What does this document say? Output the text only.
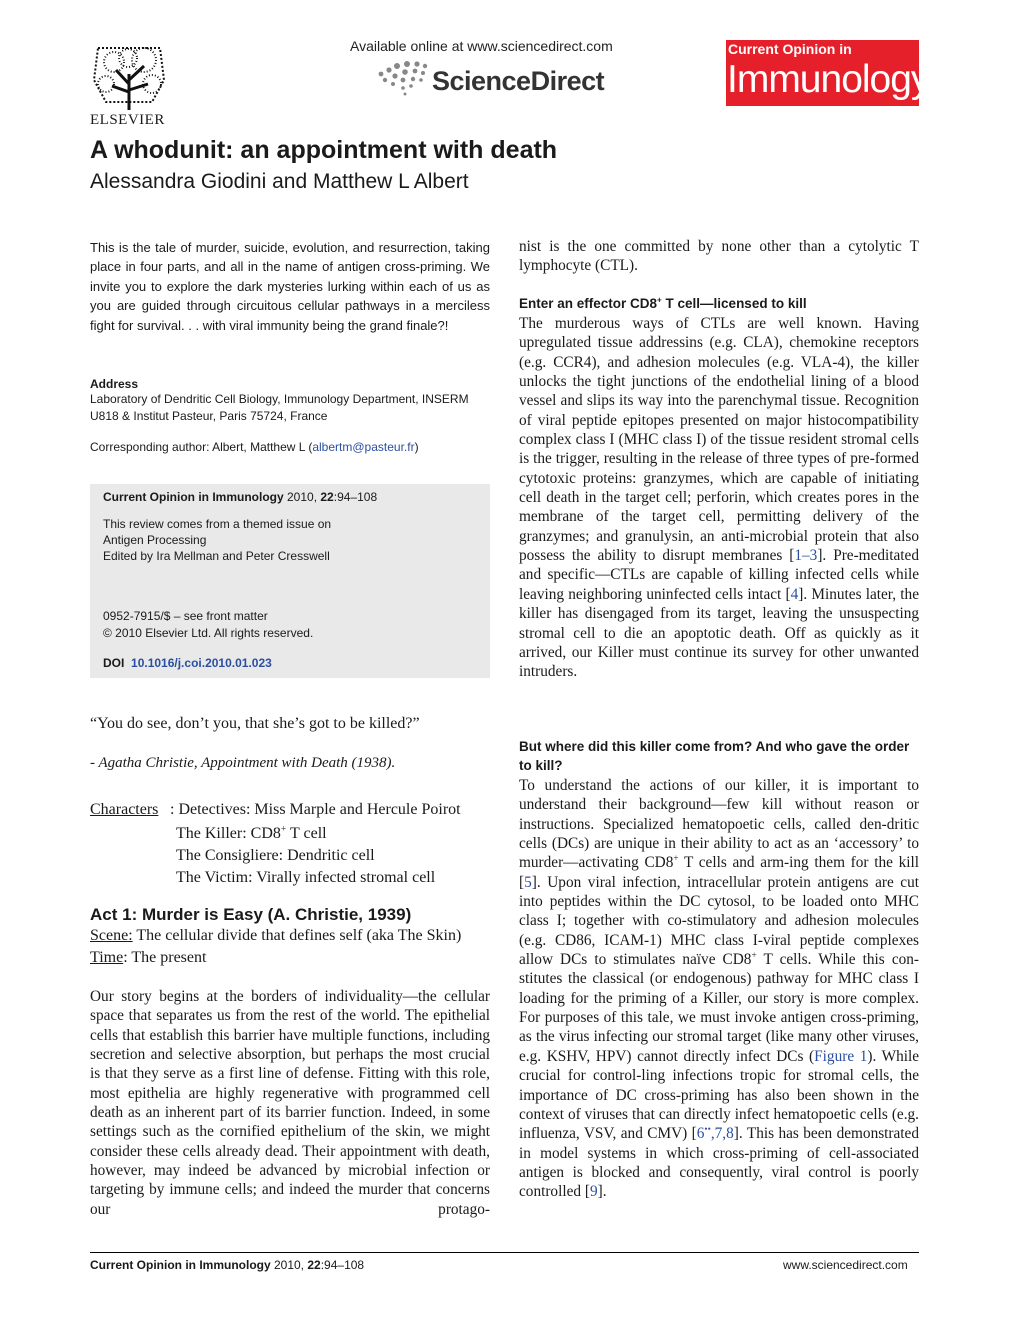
ELSEVIER
Available online at www.sciencedirect.com
ScienceDirect
Current Opinion in
Immunology
A whodunit: an appointment with death
Alessandra Giodini and Matthew L Albert
This is the tale of murder, suicide, evolution, and resurrection, taking place in four parts, and all in the name of antigen cross-priming. We invite you to explore the dark mysteries lurking within each of us as you are guided through circuitous cellular pathways in a merciless fight for survival. . . with viral immunity being the grand finale?!
Address
Laboratory of Dendritic Cell Biology, Immunology Department, INSERM U818 & Institut Pasteur, Paris 75724, France
Corresponding author: Albert, Matthew L (albertm@pasteur.fr)
Current Opinion in Immunology 2010, 22:94–108
This review comes from a themed issue on
Antigen Processing
Edited by Ira Mellman and Peter Cresswell
0952-7915/$ – see front matter
© 2010 Elsevier Ltd. All rights reserved.
DOI 10.1016/j.coi.2010.01.023
“You do see, don’t you, that she’s got to be killed?”
- Agatha Christie, Appointment with Death (1938).
Characters : Detectives: Miss Marple and Hercule Poirot
The Killer: CD8+ T cell
The Consigliere: Dendritic cell
The Victim: Virally infected stromal cell
Act 1: Murder is Easy (A. Christie, 1939)
Scene: The cellular divide that defines self (aka The Skin)
Time: The present
Our story begins at the borders of individuality—the cellular space that separates us from the rest of the world. The epithelial cells that establish this barrier have multiple functions, including secretion and selective absorption, but perhaps the most crucial is that they serve as a first line of defense. Fitting with this role, most epithelia are highly regenerative with programmed cell death as an inherent part of its barrier function. Indeed, in some settings such as the cornified epithelium of the skin, we might consider these cells already dead. Their appointment with death, however, may indeed be advanced by microbial infection or targeting by immune cells; and indeed the murder that concerns our protago-
nist is the one committed by none other than a cytolytic T lymphocyte (CTL).
Enter an effector CD8+ T cell—licensed to kill
The murderous ways of CTLs are well known. Having upregulated tissue addressins (e.g. CLA), chemokine receptors (e.g. CCR4), and adhesion molecules (e.g. VLA-4), the killer unlocks the tight junctions of the endothelial lining of a blood vessel and slips its way into the parenchymal tissue. Recognition of viral peptide epitopes presented on major histocompatibility complex class I (MHC class I) of the tissue resident stromal cells is the trigger, resulting in the release of three types of pre-formed cytotoxic proteins: granzymes, which are capable of initiating cell death in the target cell; perforin, which creates pores in the membrane of the target cell, permitting delivery of the granzymes; and granulysin, an anti-microbial protein that also possess the ability to disrupt membranes [1–3]. Pre-meditated and specific—CTLs are capable of killing infected cells while leaving neighboring uninfected cells intact [4]. Minutes later, the killer has disengaged from its target, leaving the unsuspecting stromal cell to die an apoptotic death. Off as quickly as it arrived, our Killer must continue its survey for other unwanted intruders.
But where did this killer come from? And who gave the order to kill?
To understand the actions of our killer, it is important to understand their background—few kill without reason or instructions. Specialized hematopoetic cells, called den-dritic cells (DCs) are unique in their ability to act as an ‘accessory’ to murder—activating CD8+ T cells and arm-ing them for the kill [5]. Upon viral infection, intracellular protein antigens are cut into peptides within the DC cytosol, to be loaded onto MHC class I; together with co-stimulatory and adhesion molecules (e.g. CD86, ICAM-1) MHC class I-viral peptide complexes allow DCs to stimulates naïve CD8+ T cells. While this con-stitutes the classical (or endogenous) pathway for MHC class I loading for the priming of a Killer, our story is more complex. For purposes of this tale, we must invoke antigen cross-priming, as the virus infecting our stromal target (like many other viruses, e.g. KSHV, HPV) cannot directly infect DCs (Figure 1). While crucial for control-ling infections tropic for stromal cells, the importance of DC cross-priming has also been shown in the context of viruses that can directly infect hematopoetic cells (e.g. influenza, VSV, and CMV) [6••,7,8]. This has been demonstrated in model systems in which cross-priming of cell-associated antigen is blocked and consequently, viral control is poorly controlled [9].
Current Opinion in Immunology 2010, 22:94–108	www.sciencedirect.com
